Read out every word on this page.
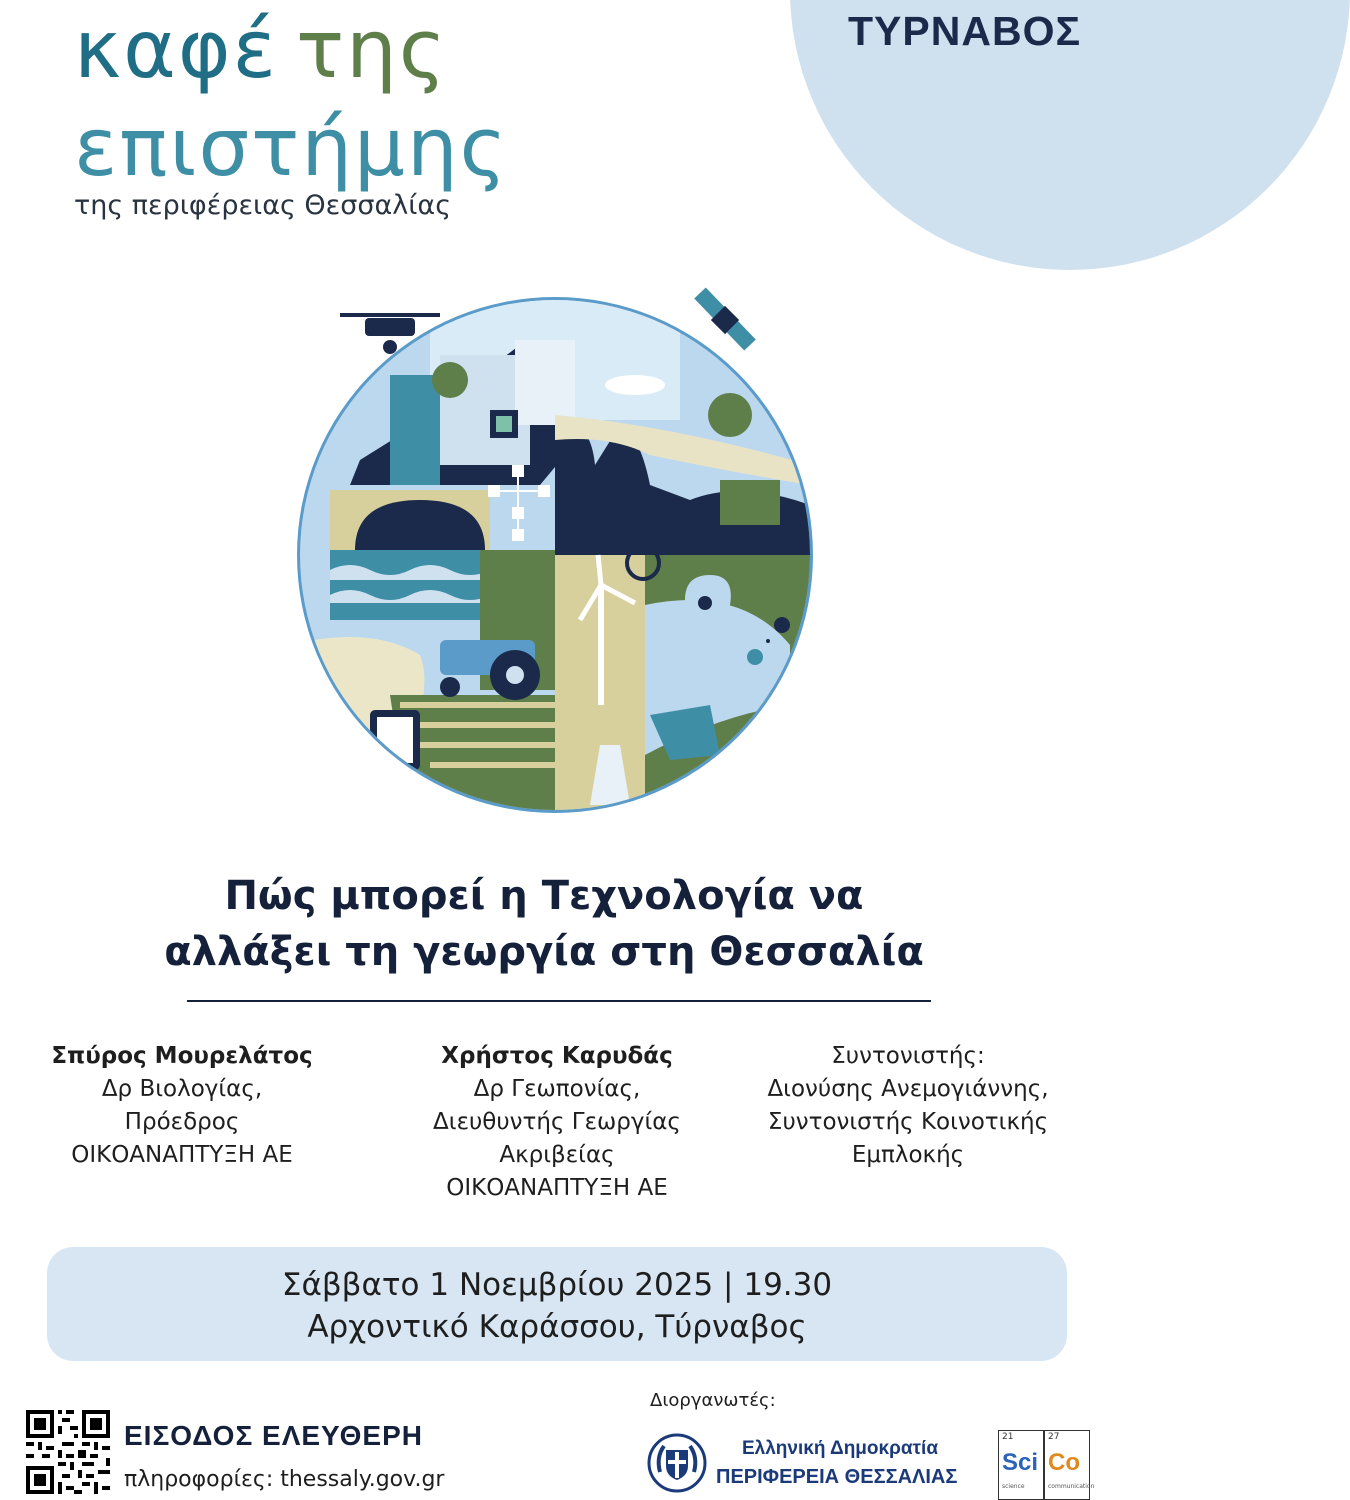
ΤΥΡΝΑΒΟΣ
καφέ της
επιστήμης
της περιφέρειας Θεσσαλίας
Πώς μπορεί η Τεχνολογία να
αλλάξει τη γεωργία στη Θεσσαλία
Σπύρος Μουρελάτος
Δρ Βιολογίας,
Πρόεδρος
ΟΙΚΟΑΝΑΠΤΥΞΗ ΑΕ
Χρήστος Καρυδάς
Δρ Γεωπονίας,
Διευθυντής Γεωργίας
Ακριβείας
ΟΙΚΟΑΝΑΠΤΥΞΗ ΑΕ
Συντονιστής:
Διονύσης Ανεμογιάννης,
Συντονιστής Κοινοτικής
Εμπλοκής
Σάββατο 1 Νοεμβρίου 2025 | 19.30
Αρχοντικό Καράσσου, Τύρναβος
ΕΙΣΟΔΟΣ ΕΛΕΥΘΕΡΗ
πληροφορίες: thessaly.gov.gr
Διοργανωτές:
Ελληνική Δημοκρατία
ΠΕΡΙΦΕΡΕΙΑ ΘΕΣΣΑΛΙΑΣ
21
Sci
science
27
Co
communication
